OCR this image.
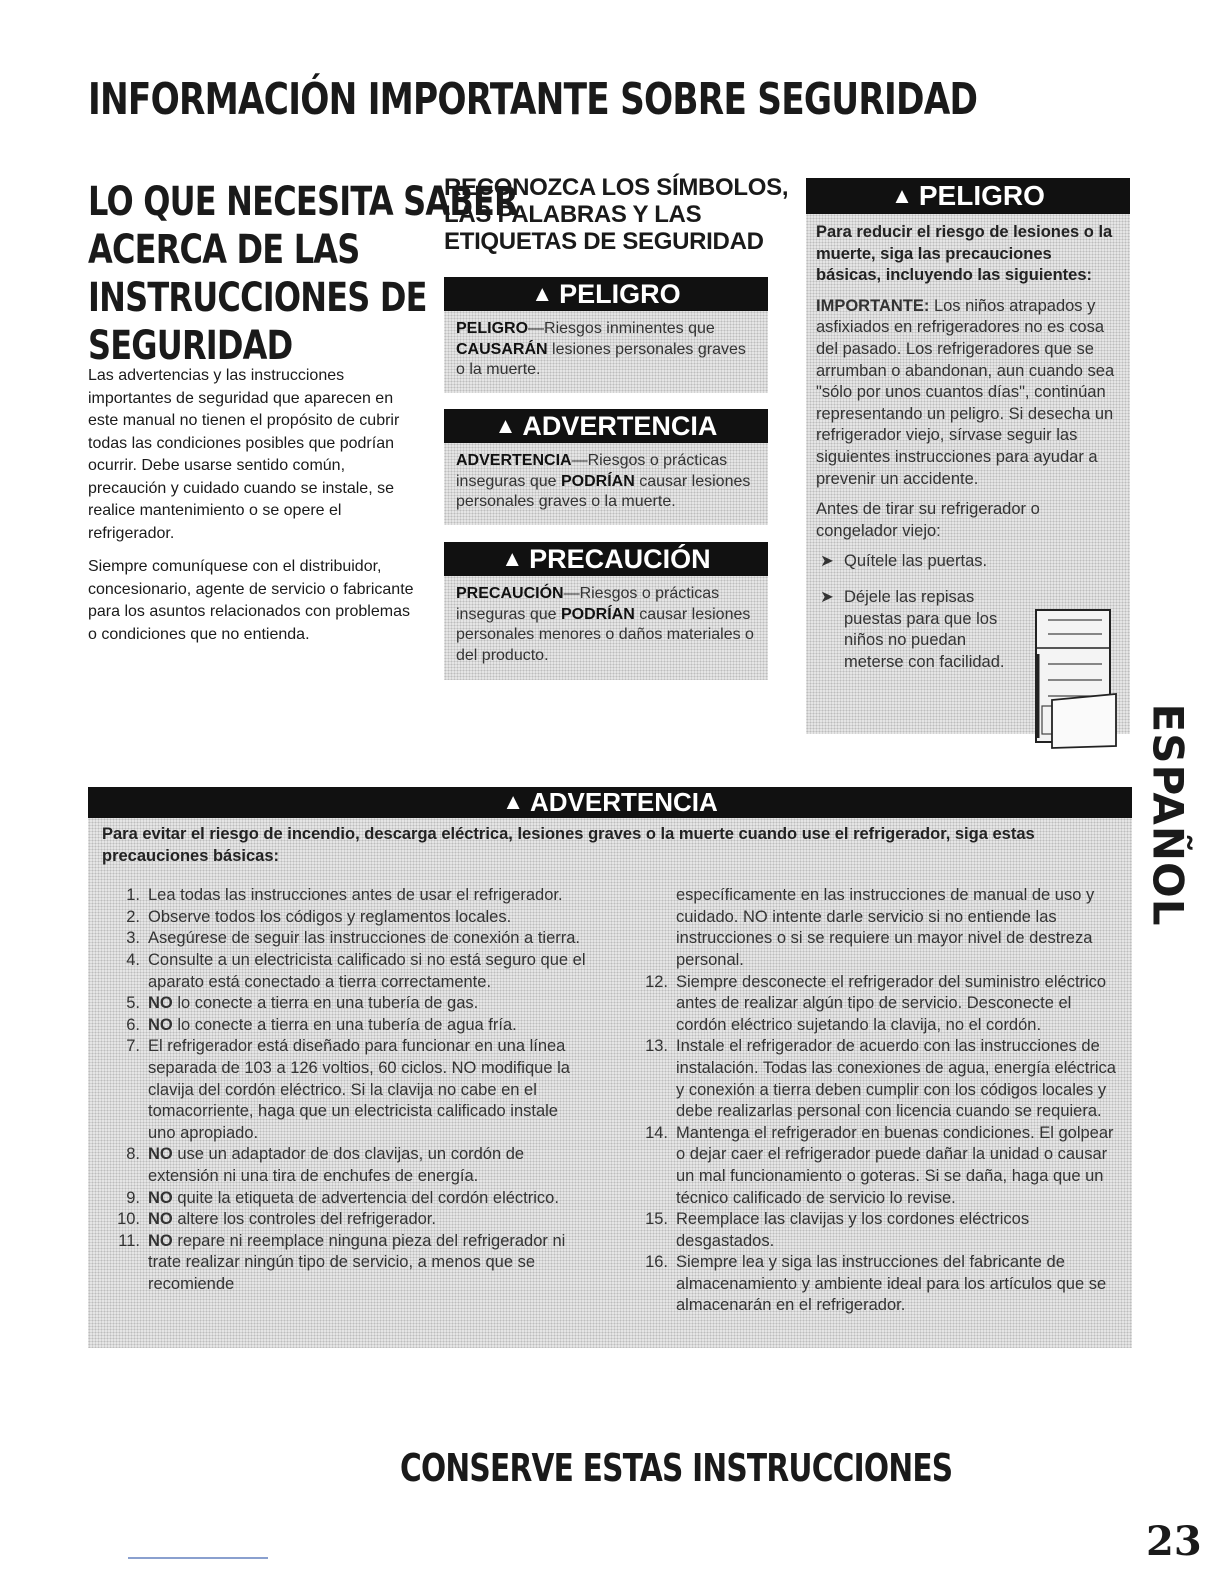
INFORMACIÓN IMPORTANTE SOBRE SEGURIDAD
LO QUE NECESITA SABER
ACERCA DE LAS
INSTRUCCIONES DE
SEGURIDAD

Las advertencias y las instrucciones importantes de seguridad que aparecen en este manual no tienen el propósito de cubrir todas las condiciones posibles que podrían ocurrir. Debe usarse sentido común, precaución y cuidado cuando se instale, se realice mantenimiento o se opere el refrigerador.

Siempre comuníquese con el distribuidor, concesionario, agente de servicio o fabricante para los asuntos relacionados con problemas o condiciones que no entienda.

RECONOZCA LOS SÍMBOLOS,
LAS PALABRAS Y LAS
ETIQUETAS DE SEGURIDAD
▲ PELIGRO
PELIGRO—Riesgos inminentes que CAUSARÁN lesiones personales graves o la muerte.
▲ ADVERTENCIA
ADVERTENCIA—Riesgos o prácticas inseguras que PODRÍAN causar lesiones personales graves o la muerte.
▲ PRECAUCIÓN
PRECAUCIÓN—Riesgos o prácticas inseguras que PODRÍAN causar lesiones personales menores o daños materiales o del producto.
▲ PELIGRO

Para reducir el riesgo de lesiones o la muerte, siga las precauciones básicas, incluyendo las siguientes:

IMPORTANTE: Los niños atrapados y asfixiados en refrigeradores no es cosa del pasado. Los refrigeradores que se arrumban o abandonan, aun cuando sea "sólo por unos cuantos días", continúan representando un peligro. Si desecha un refrigerador viejo, sírvase seguir las siguientes instrucciones para ayudar a prevenir un accidente.

Antes de tirar su refrigerador o congelador viejo:

➤ Quítele las puertas.
➤ Déjele las repisas puestas para que los niños no puedan meterse con facilidad.
ESPAÑOL
▲ ADVERTENCIA
Para evitar el riesgo de incendio, descarga eléctrica, lesiones graves o la muerte cuando use el refrigerador, siga estas precauciones básicas:
1. Lea todas las instrucciones antes de usar el refrigerador.
2. Observe todos los códigos y reglamentos locales.
3. Asegúrese de seguir las instrucciones de conexión a tierra.
4. Consulte a un electricista calificado si no está seguro que el aparato está conectado a tierra correctamente.
5. NO lo conecte a tierra en una tubería de gas.
6. NO lo conecte a tierra en una tubería de agua fría.
7. El refrigerador está diseñado para funcionar en una línea separada de 103 a 126 voltios, 60 ciclos. NO modifique la clavija del cordón eléctrico. Si la clavija no cabe en el tomacorriente, haga que un electricista calificado instale uno apropiado.
8. NO use un adaptador de dos clavijas, un cordón de extensión ni una tira de enchufes de energía.
9. NO quite la etiqueta de advertencia del cordón eléctrico.
10. NO altere los controles del refrigerador.
11. NO repare ni reemplace ninguna pieza del refrigerador ni trate realizar ningún tipo de servicio, a menos que se recomiende
específicamente en las instrucciones de manual de uso y cuidado. NO intente darle servicio si no entiende las instrucciones o si se requiere un mayor nivel de destreza personal.
12. Siempre desconecte el refrigerador del suministro eléctrico antes de realizar algún tipo de servicio. Desconecte el cordón eléctrico sujetando la clavija, no el cordón.
13. Instale el refrigerador de acuerdo con las instrucciones de instalación. Todas las conexiones de agua, energía eléctrica y conexión a tierra deben cumplir con los códigos locales y debe realizarlas personal con licencia cuando se requiera.
14. Mantenga el refrigerador en buenas condiciones. El golpear o dejar caer el refrigerador puede dañar la unidad o causar un mal funcionamiento o goteras. Si se daña, haga que un técnico calificado de servicio lo revise.
15. Reemplace las clavijas y los cordones eléctricos desgastados.
16. Siempre lea y siga las instrucciones del fabricante de almacenamiento y ambiente ideal para los artículos que se almacenarán en el refrigerador.
CONSERVE ESTAS INSTRUCCIONES
23
